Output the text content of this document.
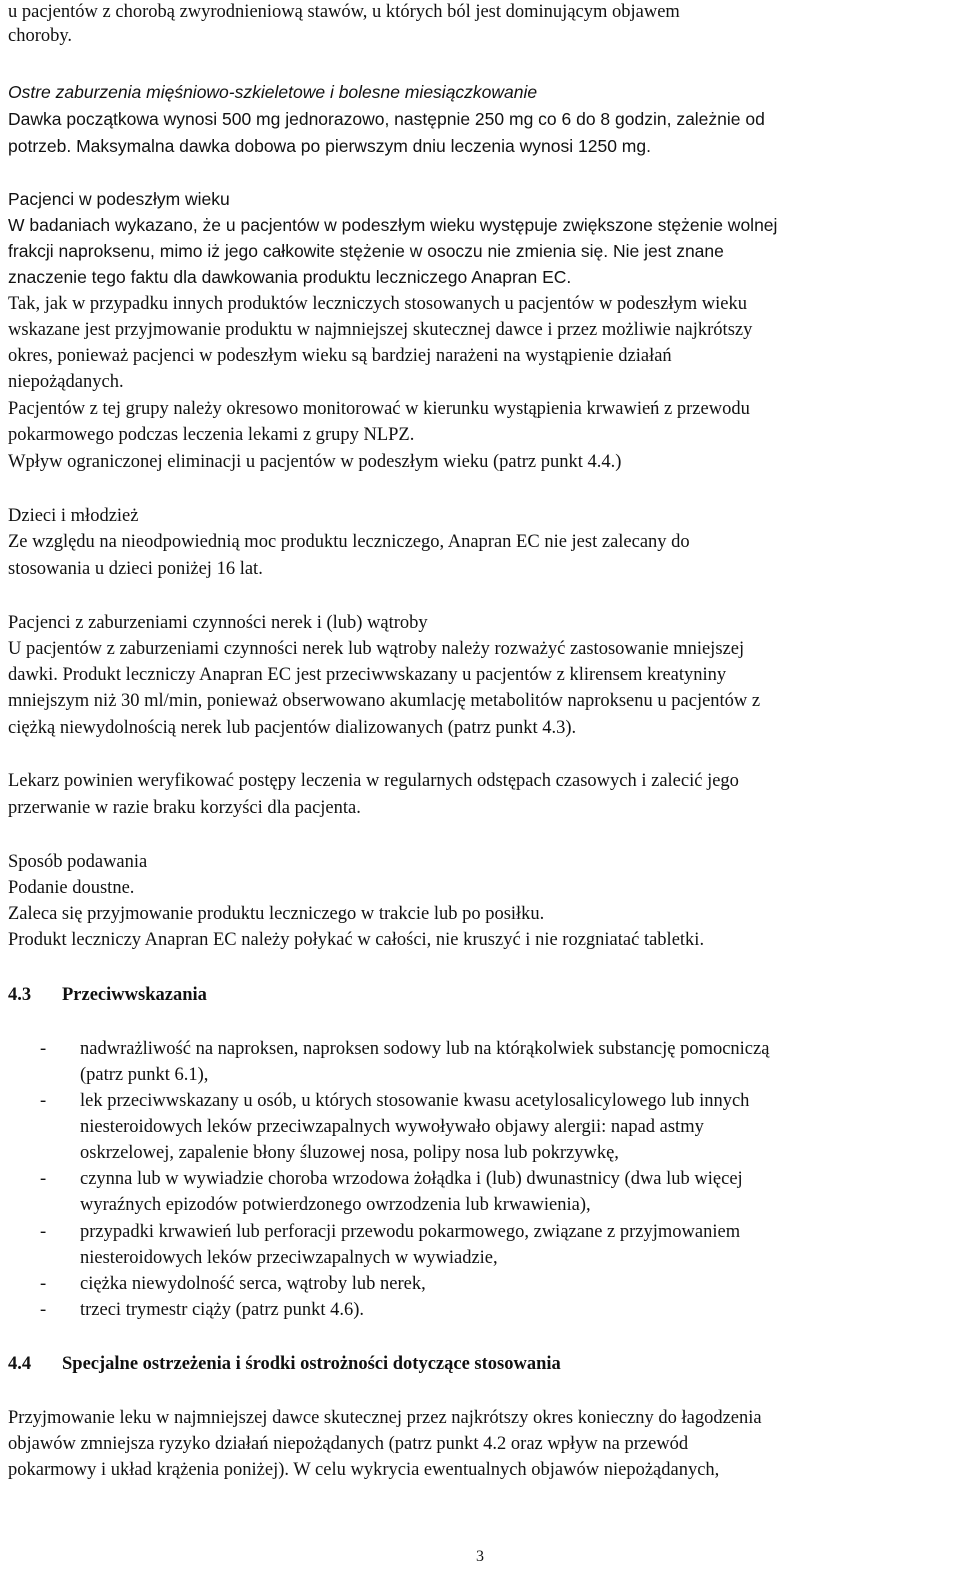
u pacjentów z chorobą zwyrodnieniową stawów, u których ból jest dominującym objawem
choroby.
Ostre zaburzenia mięśniowo-szkieletowe i bolesne miesiączkowanie
Dawka początkowa wynosi 500 mg jednorazowo, następnie 250 mg co 6 do 8 godzin, zależnie od
potrzeb. Maksymalna dawka dobowa po pierwszym dniu leczenia wynosi 1250 mg.
Pacjenci w podeszłym wieku
W badaniach wykazano, że u pacjentów w podeszłym wieku występuje zwiększone stężenie wolnej
frakcji naproksenu, mimo iż jego całkowite stężenie w osoczu nie zmienia się. Nie jest znane
znaczenie tego faktu dla dawkowania produktu leczniczego Anapran EC.
Tak, jak w przypadku innych produktów leczniczych stosowanych u pacjentów w podeszłym wieku
wskazane jest przyjmowanie produktu w najmniejszej skutecznej dawce i przez możliwie najkrótszy
okres, ponieważ pacjenci w podeszłym wieku są bardziej narażeni na wystąpienie działań
niepożądanych.
Pacjentów z tej grupy należy okresowo monitorować w kierunku wystąpienia krwawień z przewodu
pokarmowego podczas leczenia lekami z grupy NLPZ.
Wpływ ograniczonej eliminacji u pacjentów w podeszłym wieku (patrz punkt 4.4.)
Dzieci i młodzież
Ze względu na nieodpowiednią moc produktu leczniczego, Anapran EC nie jest zalecany do
stosowania u dzieci poniżej 16 lat.
Pacjenci z zaburzeniami czynności nerek i (lub) wątroby
U pacjentów z zaburzeniami czynności nerek lub wątroby należy rozważyć zastosowanie mniejszej
dawki. Produkt leczniczy Anapran EC jest przeciwwskazany u pacjentów z klirensem kreatyniny
mniejszym niż 30 ml/min, ponieważ obserwowano akumlację metabolitów naproksenu u pacjentów z
ciężką niewydolnością nerek lub pacjentów dializowanych (patrz punkt 4.3).
Lekarz powinien weryfikować postępy leczenia w regularnych odstępach czasowych i zalecić jego
przerwanie w razie braku korzyści dla pacjenta.
Sposób podawania
Podanie doustne.
Zaleca się przyjmowanie produktu leczniczego w trakcie lub po posiłku.
Produkt leczniczy Anapran EC należy połykać w całości, nie kruszyć i nie rozgniatać tabletki.
4.3 Przeciwwskazania
- nadwrażliwość na naproksen, naproksen sodowy lub na którąkolwiek substancję pomocniczą
(patrz punkt 6.1),
- lek przeciwwskazany u osób, u których stosowanie kwasu acetylosalicylowego lub innych
niesteroidowych leków przeciwzapalnych wywoływało objawy alergii: napad astmy
oskrzelowej, zapalenie błony śluzowej nosa, polipy nosa lub pokrzywkę,
- czynna lub w wywiadzie choroba wrzodowa żołądka i (lub) dwunastnicy (dwa lub więcej
wyraźnych epizodów potwierdzonego owrzodzenia lub krwawienia),
- przypadki krwawień lub perforacji przewodu pokarmowego, związane z przyjmowaniem
niesteroidowych leków przeciwzapalnych w wywiadzie,
- ciężka niewydolność serca, wątroby lub nerek,
- trzeci trymestr ciąży (patrz punkt 4.6).
4.4 Specjalne ostrzeżenia i środki ostrożności dotyczące stosowania
Przyjmowanie leku w najmniejszej dawce skutecznej przez najkrótszy okres konieczny do łagodzenia
objawów zmniejsza ryzyko działań niepożądanych (patrz punkt 4.2 oraz wpływ na przewód
pokarmowy i układ krążenia poniżej). W celu wykrycia ewentualnych objawów niepożądanych,
3
